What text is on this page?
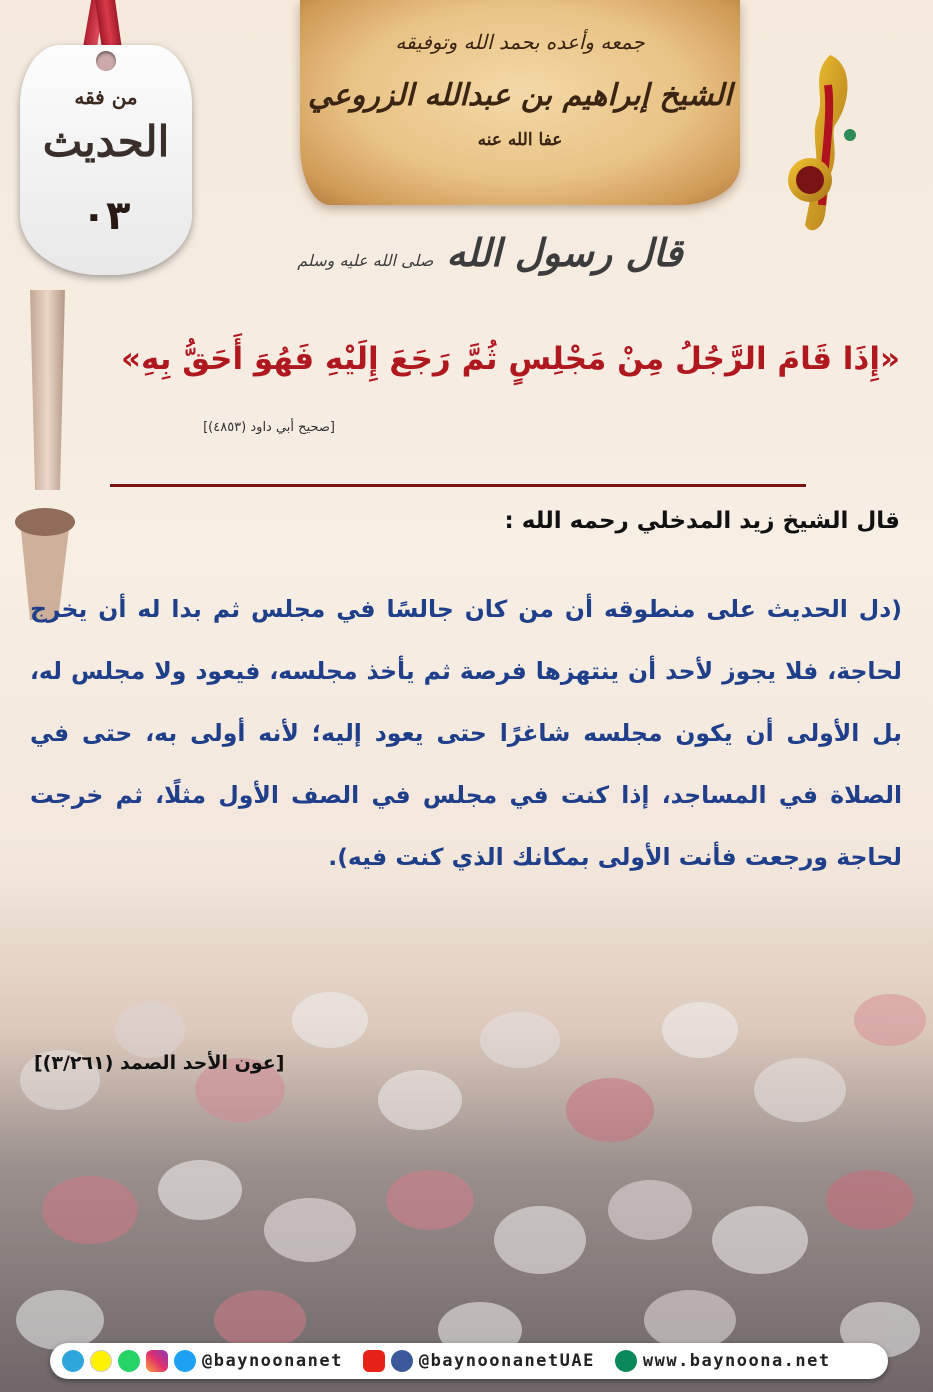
جمعه وأعده بحمد الله وتوفيقه
الشيخ إبراهيم بن عبدالله الزروعي
عفا الله عنه
من فقه
الحديث
٠٣
قال رسول الله صلى الله عليه وسلم
«إِذَا قَامَ الرَّجُلُ مِنْ مَجْلِسٍ ثُمَّ رَجَعَ إِلَيْهِ فَهُوَ أَحَقُّ بِهِ»
[صحيح أبي داود (٤٨٥٣)]
قال الشيخ زيد المدخلي رحمه الله :
(دل الحديث على منطوقه أن من كان جالسًا في مجلس ثم بدا له أن يخرج لحاجة، فلا يجوز لأحد أن ينتهزها فرصة ثم يأخذ مجلسه، فيعود ولا مجلس له، بل الأولى أن يكون مجلسه شاغرًا حتى يعود إليه؛ لأنه أولى به، حتى في الصلاة في المساجد، إذا كنت في مجلس في الصف الأول مثلًا، ثم خرجت لحاجة ورجعت فأنت الأولى بمكانك الذي كنت فيه).
[عون الأحد الصمد (٣/٢٦١)]
@baynoonanet	@baynoonanetUAE	www.baynoona.net
